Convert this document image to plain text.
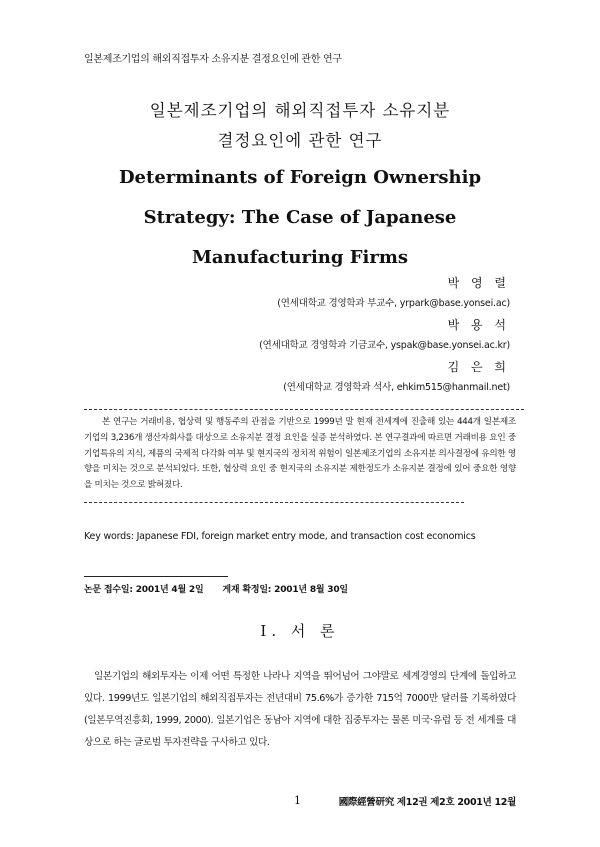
일본제조기업의 해외직접투자 소유지분 결정요인에 관한 연구
일본제조기업의 해외직접투자 소유지분
결정요인에 관한 연구
Determinants of Foreign Ownership
Strategy: The Case of Japanese
Manufacturing Firms
박 영 렬
(연세대학교 경영학과 부교수, yrpark@base.yonsei.ac)
박 용 석
(연세대학교 경영학과 기금교수, yspak@base.yonsei.ac.kr)
김 은 희
(연세대학교 경영학과 석사, ehkim515@hanmail.net)
본 연구는 거래비용, 협상력 및 행동주의 관점을 기반으로 1999년 말 현재 전세계에 진출해 있는 444개 일본제조기업의 3,236개 생산자회사를 대상으로 소유지분 결정 요인을 실증 분석하였다. 본 연구결과에 따르면 거래비용 요인 중 기업특유의 지식, 제품의 국제적 다각화 여부 및 현지국의 정치적 위험이 일본제조기업의 소유지분 의사결정에 유의한 영향을 미치는 것으로 분석되었다. 또한, 협상력 요인 중 현지국의 소유지분 제한정도가 소유지분 결정에 있어 중요한 영향을 미치는 것으로 밝혀졌다.
Key words: Japanese FDI, foreign market entry mode, and transaction cost economics
논문 접수일: 2001년 4월 2일 게재 확정일: 2001년 8월 30일
Ⅰ. 서 론
일본기업의 해외투자는 이제 어떤 특정한 나라나 지역을 뛰어넘어 그야말로 세계경영의 단계에 돌입하고 있다. 1999년도 일본기업의 해외직접투자는 전년대비 75.6%가 증가한 715억 7000만 달러를 기록하였다(일본무역진흥회, 1999, 2000). 일본기업은 동남아 지역에 대한 집중투자는 물론 미국·유럽 등 전 세계를 대상으로 하는 글로벌 투자전략을 구사하고 있다.
1	國際經營研究 제12권 제2호 2001년 12월
